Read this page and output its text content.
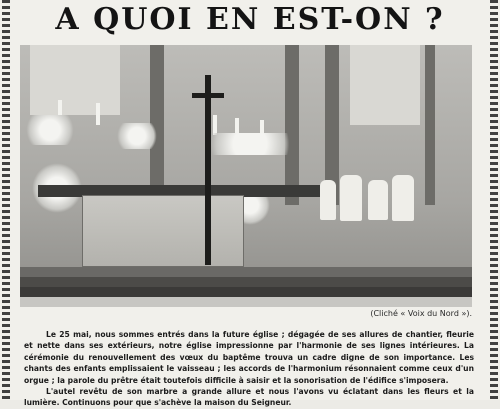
A QUOI EN EST-ON ?
(Cliché « Voix du Nord »).

Le 25 mai, nous sommes entrés dans la future église ; dégagée de ses allures de chantier, fleurie et nette dans ses extérieurs, notre église impressionne par l'harmonie de ses lignes intérieures. La cérémonie du renouvellement des vœux du baptême trouva un cadre digne de son importance. Les chants des enfants emplissaient le vaisseau ; les accords de l'harmonium résonnaient comme ceux d'un orgue ; la parole du prêtre était toutefois difficile à saisir et la sonorisation de l'édifice s'imposera.

L'autel revêtu de son marbre a grande allure et nous l'avons vu éclatant dans les fleurs et la lumière. Continuons pour que s'achève la maison du Seigneur.
